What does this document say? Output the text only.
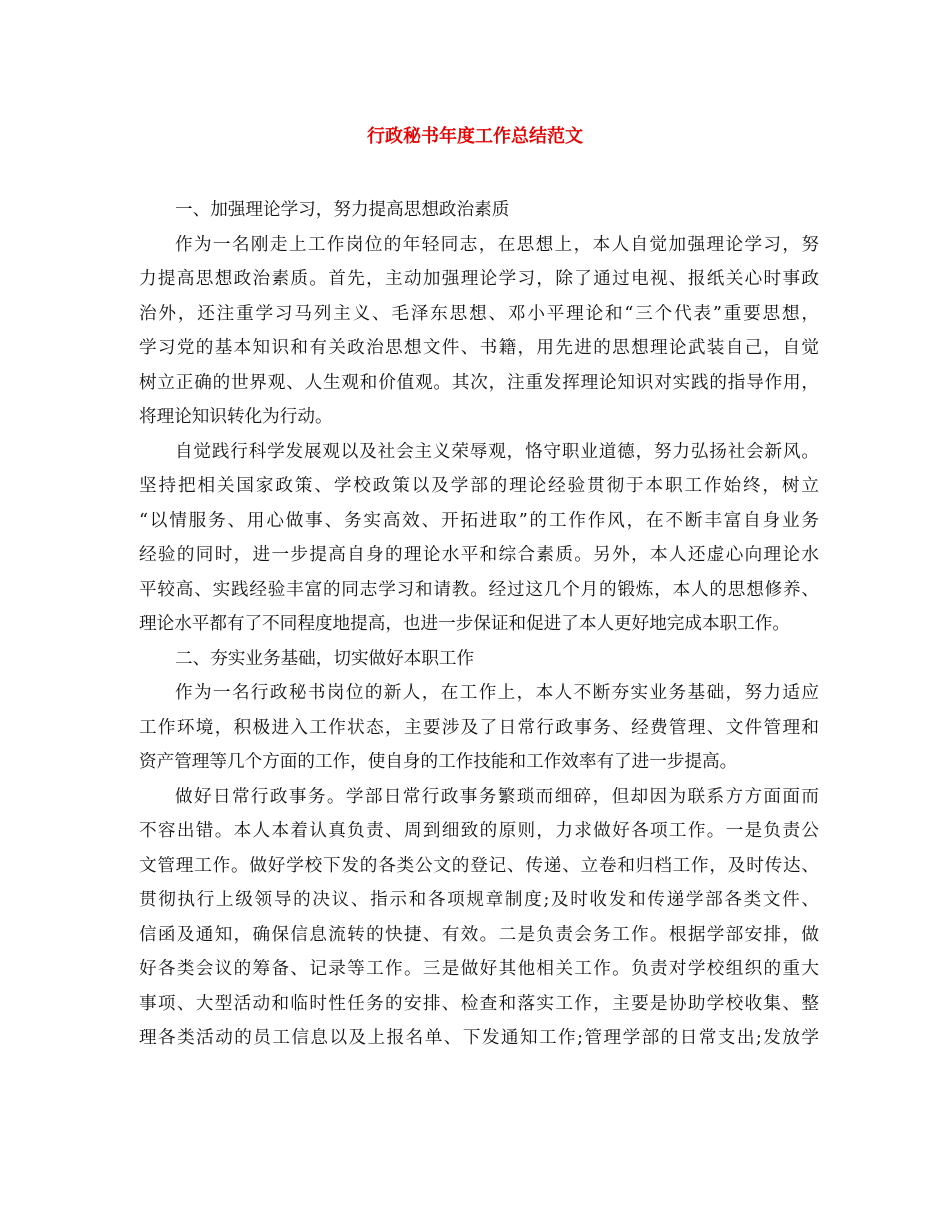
行政秘书年度工作总结范文
一、加强理论学习，努力提高思想政治素质
作为一名刚走上工作岗位的年轻同志，在思想上，本人自觉加强理论学习，努
力提高思想政治素质。首先，主动加强理论学习，除了通过电视、报纸关心时事政
治外，还注重学习马列主义、毛泽东思想、邓小平理论和“三个代表”重要思想，
学习党的基本知识和有关政治思想文件、书籍，用先进的思想理论武装自己，自觉
树立正确的世界观、人生观和价值观。其次，注重发挥理论知识对实践的指导作用，
将理论知识转化为行动。
自觉践行科学发展观以及社会主义荣辱观，恪守职业道德，努力弘扬社会新风。
坚持把相关国家政策、学校政策以及学部的理论经验贯彻于本职工作始终，树立
“以情服务、用心做事、务实高效、开拓进取”的工作作风，在不断丰富自身业务
经验的同时，进一步提高自身的理论水平和综合素质。另外，本人还虚心向理论水
平较高、实践经验丰富的同志学习和请教。经过这几个月的锻炼，本人的思想修养、
理论水平都有了不同程度地提高，也进一步保证和促进了本人更好地完成本职工作。
二、夯实业务基础，切实做好本职工作
作为一名行政秘书岗位的新人，在工作上，本人不断夯实业务基础，努力适应
工作环境，积极进入工作状态，主要涉及了日常行政事务、经费管理、文件管理和
资产管理等几个方面的工作，使自身的工作技能和工作效率有了进一步提高。
做好日常行政事务。学部日常行政事务繁琐而细碎，但却因为联系方方面面而
不容出错。本人本着认真负责、周到细致的原则，力求做好各项工作。一是负责公
文管理工作。做好学校下发的各类公文的登记、传递、立卷和归档工作，及时传达、
贯彻执行上级领导的决议、指示和各项规章制度;及时收发和传递学部各类文件、
信函及通知，确保信息流转的快捷、有效。二是负责会务工作。根据学部安排，做
好各类会议的筹备、记录等工作。三是做好其他相关工作。负责对学校组织的重大
事项、大型活动和临时性任务的安排、检查和落实工作，主要是协助学校收集、整
理各类活动的员工信息以及上报名单、下发通知工作;管理学部的日常支出;发放学
